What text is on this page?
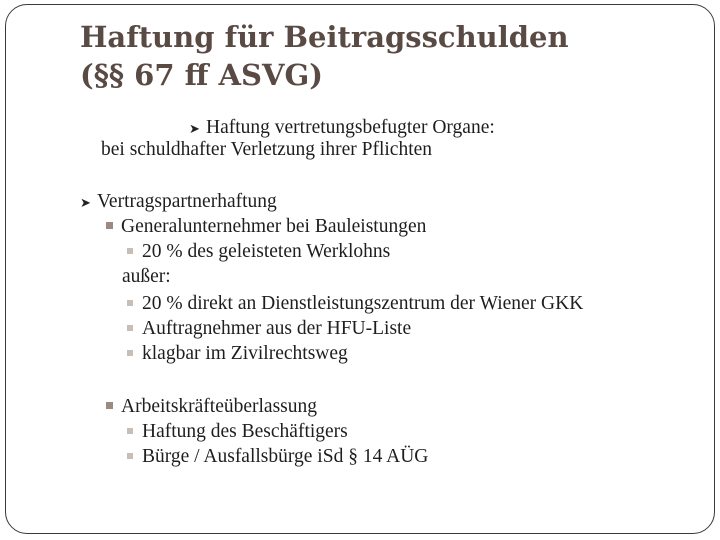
Haftung für Beitragsschulden
(§§ 67 ff ASVG)
➤ Haftung vertretungsbefugter Organe:
bei schuldhafter Verletzung ihrer Pflichten
➤ Vertragspartnerhaftung
Generalunternehmer bei Bauleistungen
20 % des geleisteten Werklohns
außer:
20 % direkt an Dienstleistungszentrum der Wiener GKK
Auftragnehmer aus der HFU-Liste
klagbar im Zivilrechtsweg
Arbeitskräfteüberlassung
Haftung des Beschäftigers
Bürge / Ausfallsbürge iSd § 14 AÜG
